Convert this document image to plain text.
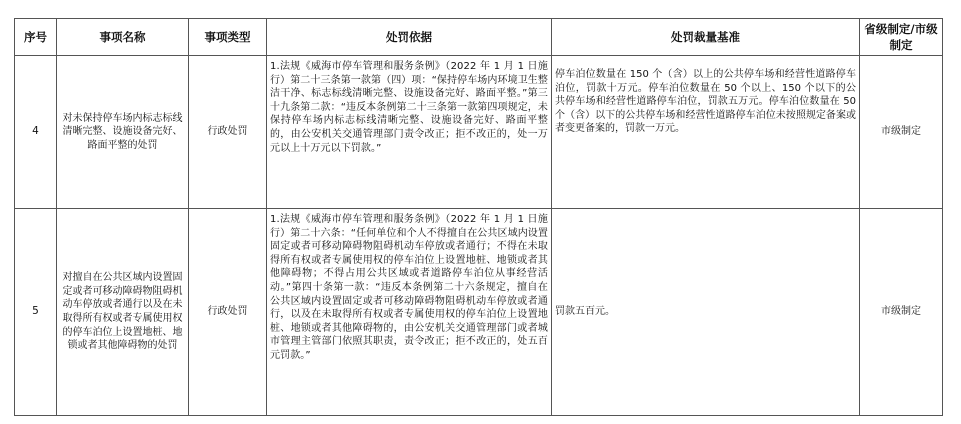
序号	事项名称	事项类型	处罚依据	处罚裁量基准	省级制定/市级制定
4	对未保持停车场内标志标线清晰完整、设施设备完好、路面平整的处罚	行政处罚	1.法规《威海市停车管理和服务条例》（2022 年 1 月 1 日施行）第二十三条第一款第（四）项：“保持停车场内环境卫生整洁干净、标志标线清晰完整、设施设备完好、路面平整。”第三十九条第二款：“违反本条例第二十三条第一款第四项规定，未保持停车场内标志标线清晰完整、设施设备完好、路面平整的，由公安机关交通管理部门责令改正；拒不改正的，处一万元以上十万元以下罚款。”	停车泊位数量在 150 个（含）以上的公共停车场和经营性道路停车泊位，罚款十万元。停车泊位数量在 50 个以上、150 个以下的公共停车场和经营性道路停车泊位，罚款五万元。停车泊位数量在 50 个（含）以下的公共停车场和经营性道路停车泊位未按照规定备案或者变更备案的，罚款一万元。	市级制定
5	对擅自在公共区域内设置固定或者可移动障碍物阻碍机动车停放或者通行以及在未取得所有权或者专属使用权的停车泊位上设置地桩、地锁或者其他障碍物的处罚	行政处罚	1.法规《威海市停车管理和服务条例》（2022 年 1 月 1 日施行）第二十六条：“任何单位和个人不得擅自在公共区域内设置固定或者可移动障碍物阻碍机动车停放或者通行；不得在未取得所有权或者专属使用权的停车泊位上设置地桩、地锁或者其他障碍物；不得占用公共区域或者道路停车泊位从事经营活动。”第四十条第一款：“违反本条例第二十六条规定，擅自在公共区域内设置固定或者可移动障碍物阻碍机动车停放或者通行，以及在未取得所有权或者专属使用权的停车泊位上设置地桩、地锁或者其他障碍物的，由公安机关交通管理部门或者城市管理主管部门依照其职责，责令改正；拒不改正的，处五百元罚款。”	罚款五百元。	市级制定
